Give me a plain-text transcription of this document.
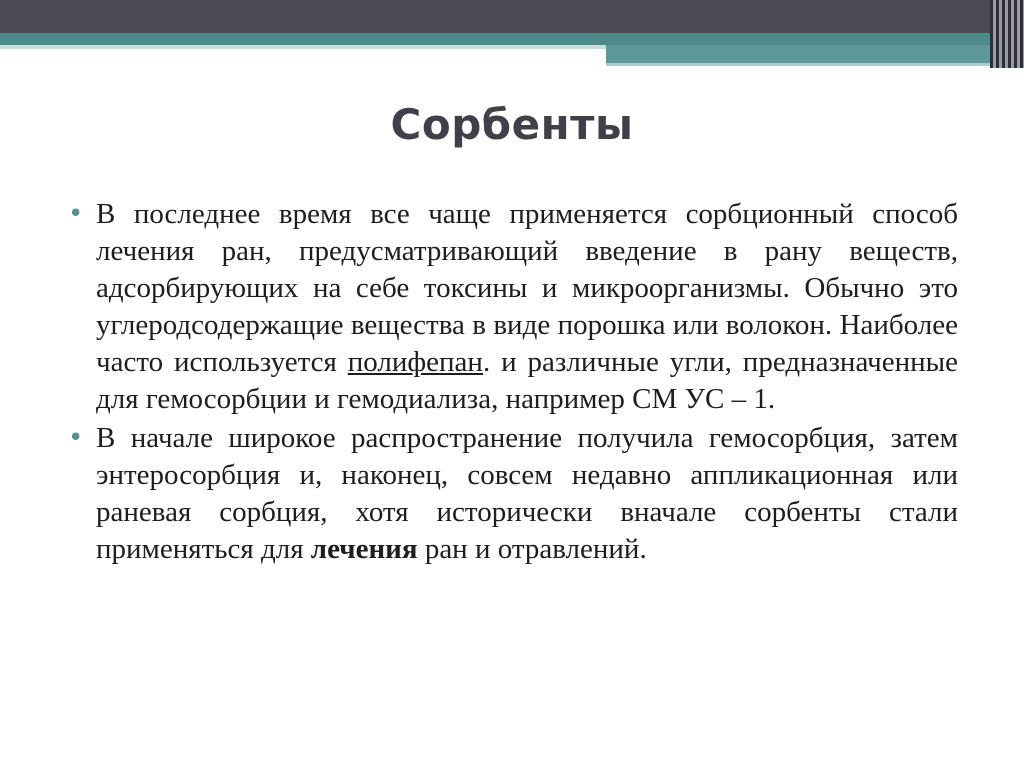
Сорбенты
• В последнее время все чаще применяется сорбционный способ лечения ран, предусматривающий введение в рану веществ, адсорбирующих на себе токсины и микроорганизмы. Обычно это углеродсодержащие вещества в виде порошка или волокон. Наиболее часто используется полифепан. и различные угли, предназначенные для гемосорбции и гемодиализа, например СМ УС – 1.
• В начале широкое распространение получила гемосорбция, затем энтеросорбция и, наконец, совсем недавно аппликационная или раневая сорбция, хотя исторически вначале сорбенты стали применяться для лечения ран и отравлений.
